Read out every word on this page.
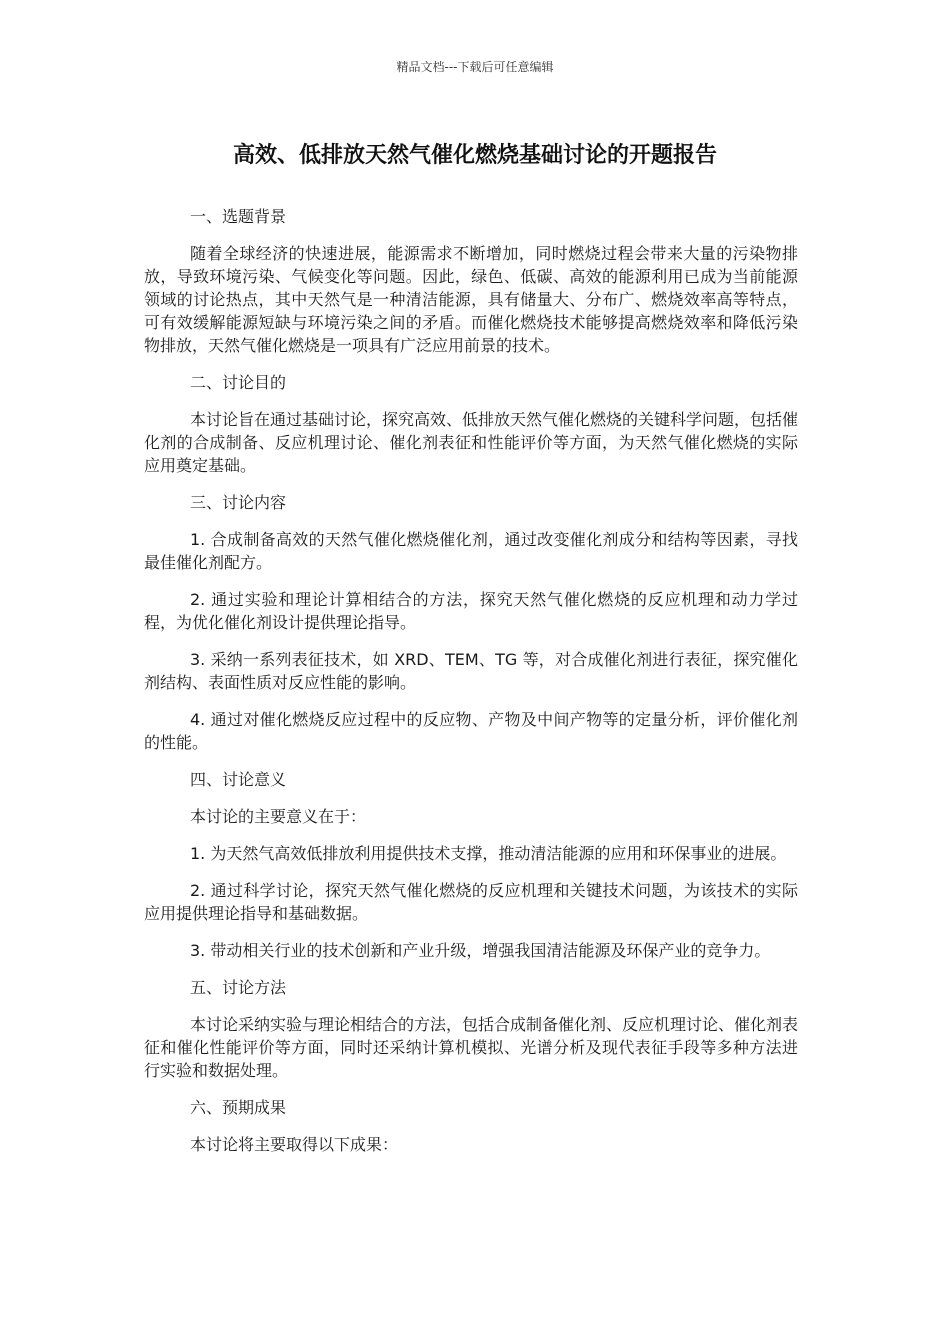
精品文档---下载后可任意编辑
高效、低排放天然气催化燃烧基础讨论的开题报告

一、选题背景

随着全球经济的快速进展，能源需求不断增加，同时燃烧过程会带来大量的污染物排放，导致环境污染、气候变化等问题。因此，绿色、低碳、高效的能源利用已成为当前能源领域的讨论热点，其中天然气是一种清洁能源，具有储量大、分布广、燃烧效率高等特点，可有效缓解能源短缺与环境污染之间的矛盾。而催化燃烧技术能够提高燃烧效率和降低污染物排放，天然气催化燃烧是一项具有广泛应用前景的技术。

二、讨论目的

本讨论旨在通过基础讨论，探究高效、低排放天然气催化燃烧的关键科学问题，包括催化剂的合成制备、反应机理讨论、催化剂表征和性能评价等方面，为天然气催化燃烧的实际应用奠定基础。

三、讨论内容

1. 合成制备高效的天然气催化燃烧催化剂，通过改变催化剂成分和结构等因素，寻找最佳催化剂配方。

2. 通过实验和理论计算相结合的方法，探究天然气催化燃烧的反应机理和动力学过程，为优化催化剂设计提供理论指导。

3. 采纳一系列表征技术，如 XRD、TEM、TG 等，对合成催化剂进行表征，探究催化剂结构、表面性质对反应性能的影响。

4. 通过对催化燃烧反应过程中的反应物、产物及中间产物等的定量分析，评价催化剂的性能。

四、讨论意义

本讨论的主要意义在于：

1. 为天然气高效低排放利用提供技术支撑，推动清洁能源的应用和环保事业的进展。

2. 通过科学讨论，探究天然气催化燃烧的反应机理和关键技术问题，为该技术的实际应用提供理论指导和基础数据。

3. 带动相关行业的技术创新和产业升级，增强我国清洁能源及环保产业的竞争力。

五、讨论方法

本讨论采纳实验与理论相结合的方法，包括合成制备催化剂、反应机理讨论、催化剂表征和催化性能评价等方面，同时还采纳计算机模拟、光谱分析及现代表征手段等多种方法进行实验和数据处理。

六、预期成果

本讨论将主要取得以下成果：
